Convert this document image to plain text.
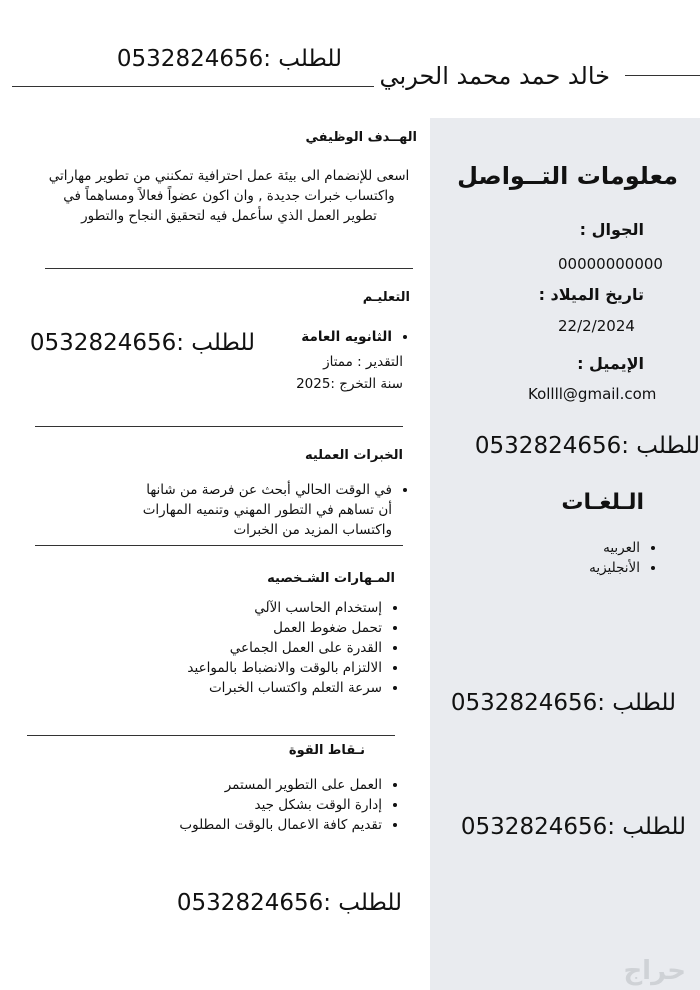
للطلب :0532824656
خالد حمد محمد الحربي
معلومات التــواصل
الجوال :
00000000000
تاريخ الميلاد :
22/2/2024
الإيميل :
Kollll@gmail.com
للطلب :0532824656
الـلغـات
• العربيه
• الأنجليزيه
للطلب :0532824656
للطلب :0532824656
الهــدف الوظيفي
اسعى للإنضمام الى بيئة عمل احترافية تمكنني من تطوير مهاراتي واكتساب خبرات جديدة , وان اكون عضواً فعالاً ومساهماً في تطوير العمل الذي سأعمل فيه لتحقيق النجاح والتطور
التعليـم
• الثانويه العامة
التقدير : ممتاز
سنة التخرج :2025
للطلب :0532824656
الخبرات العمليه
• في الوقت الحالي أبحث عن فرصة من شانها أن تساهم في التطور المهني وتنميه المهارات واكتساب المزيد من الخبرات
المـهارات الشـخصيه
• إستخدام الحاسب الآلي
• تحمل ضغوط العمل
• القدرة على العمل الجماعي
• الالتزام بالوقت والانضباط بالمواعيد
• سرعة التعلم واكتساب الخبرات
نـقاط القوة
• العمل على التطوير المستمر
• إدارة الوقت بشكل جيد
• تقديم كافة الاعمال بالوقت المطلوب
للطلب :0532824656
حراج
